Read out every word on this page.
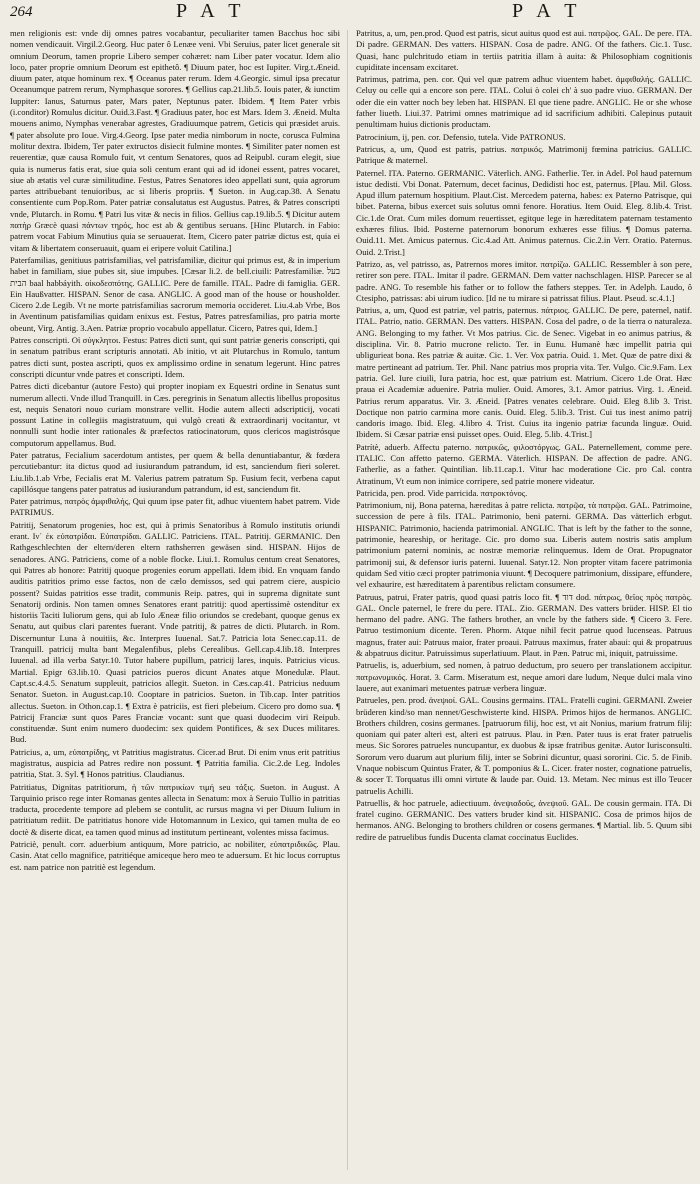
264	P A T	P A T

men religionis est: vnde dij omnes patres vocabantur, peculiariter tamen Bacchus hoc sibi nomen vendicauit. Virgil.2.Georg. Huc pater ô Lenæe veni. Vbi Seruius, pater licet generale sit omnium Deorum, tamen proprie Libero semper cohæret: nam Liber pater vocatur. Idem alio loco, pater proprie omnium Deorum est epithetô. ¶ Diuum pater, hoc est Iupiter. Virg.t.Æneid. diuum pater, atque hominum rex. ¶ Oceanus pater rerum. Idem 4.Georgic. simul ipsa precatur Oceanumque patrem rerum, Nymphasque sorores. ¶ Gellius cap.21.lib.5. Iouis pater, & iunctim Iuppiter: Ianus, Saturnus pater, Mars pater, Neptunus pater. Ibidem. ¶ Item Pater vrbis (i.conditor) Romulus dicitur. Ouid.3.Fast. ¶ Gradiuus pater, hoc est Mars. Idem 3. Æneid. Multa mouens animo, Nymphas venerabar agrestes, Gradiuumque patrem, Geticis qui præsidet aruis. ¶ pater absolute pro Ioue. Virg.4.Georg. Ipse pater media nimborum in nocte, corusca Fulmina molitur dextra. Ibidem, Ter pater extructos disiecit fulmine montes. ¶ Similiter pater nomen est reuerentiæ, quæ causa Romulo fuit, vt centum Senatores, quos ad Reipubl. curam elegit, siue quia is numerus fatis erat, siue quia soli centum erant qui ad id idonei essent, patres vocaret, siue ab ætatis vel curæ similitudine. Festus, Patres Senatores ideo appellati sunt, quia agrorum partes attribuebant tenuioribus, ac si liberis propriis. ¶ Sueton. in Aug.cap.38. A Senatu consentiente cum Pop.Rom. Pater patriæ consalutatus est Augustus. Patres, & Patres conscripti vnde, Plutarch. in Romu. ¶ Patri Ius vitæ & necis in filios. Gellius cap.19.lib.5. ¶ Dicitur autem πατὴρ Græcè quasi πάντων τηρός, hoc est ab & gentibus seruans. [Hinc Plutarch. in Fabio: patrem vocat Fabium Minutius quia se seruauerat. Item, Cicero pater patriæ dictus est, quia ei vitam & libertatem conseruauit, quam ei eripere voluit Catilina.]

Paterfamilias, genitiuus patrisfamilias, vel patrisfamiliæ, dicitur qui primus est, & in imperium habet in familiam, siue pubes sit, siue impubes. [Cæsar li.2. de bell.ciuili: Patresfamiliæ. בעל הבית baal habbáyith. οἰκοδεσπότης. GALLIC. Pere de famille. ITAL. Padre di famiglia. GER. Ein Haußvatter. HISPAN. Senor de casa. ANGLIC. A good man of the house or housholder. Cicero 2.de Legib. Vt ne morte patrisfamilias sacrorum memoria occideret. Liu.4.ab Vrbe, Bos in Aventinum patisfamilias quidam enixus est. Festus, Patres patresfamilias, pro patria morte obeunt, Virg. Antig. 3.Aen. Patriæ proprio vocabulo appellatur. Cicero, Patres qui, Idem.]

Patres conscripti. Οἱ σύγκλητοι. Festus: Patres dicti sunt, qui sunt patriæ generis conscripti, qui in senatum patribus erant scripturis annotati. Ab initio, vt ait Plutarchus in Romulo, tantum patres dicti sunt, postea ascripti, quos ex amplissimo ordine in senatum legerunt. Hinc patres conscripti dicuntur vnde patres et conscripti. Idem.

Patres dicti dicebantur (autore Festo) qui propter inopiam ex Equestri ordine in Senatus sunt numerum allecti. Vnde illud Tranquill. in Cæs. peregrinis in Senatum allectis libellus propositus est, nequis Senatori nouo curiam monstrare vellit. Hodie autem allecti adscripticij, vocati possunt Latine in collegiis magistratuum, qui vulgò creati & extraordinarij vocitantur, vt nonnulli sunt hodie inter rationales & præfectos ratiocinatorum, quos clericos magistrósque computorum appellamus. Bud.

Pater patratus, Fecialium sacerdotum antistes, per quem & bella denuntiabantur, & fœdera percutiebantur: ita dictus quod ad iusiurandum patrandum, id est, sanciendum fieri soleret. Liu.lib.1.ab Vrbe, Fecialis erat M. Valerius patrem patratum Sp. Fusium fecit, verbena caput capillósque tangens pater patratus ad iusiurandum patrandum, id est, sanciendum fit.

Pater patrimus, πατρὸς ἀμφιθαλής, Qui quum ipse pater fit, adhuc viuentem habet patrem. Vide PATRIMUS.

Patritij, Senatorum progenies, hoc est, qui à primis Senatoribus à Romulo institutis oriundi erant. Ιν΄ έκ εὐπατρίδαι. Εὐπατρίδαι. GALLIC. Patriciens. ITAL. Patritij. GERMANIC. Den Rathgeschlechten der eltern/deren eltern rathsherren gewäsen sind. HISPAN. Hijos de senadores. ANG. Patriciens, come of a noble flocke. Liui.1. Romulus centum creat Senatores, qui Patres ab honore: Patritij quoque progenies eorum appellati. Idem ibid. En vnquam fando auditis patritios primo esse factos, non de cælo demissos, sed qui patrem ciere, auspicio possent? Suidas patritios esse tradit, communis Reip. patres, qui in suprema dignitate sunt Senatorij ordinis. Non tamen omnes Senatores erant patritij: quod apertissimè ostenditur ex historiis Taciti Iuliorum gens, qui ab Iulo Æneæ filio oriundos se credebant, quoque genus ex Senatu, aut quibus clari parentes fuerant. Vnde patritij, & patres de dicti. Plutarch. in Rom. Discernuntur Luna à nouitiis, &c. Interpres Iuuenal. Sat.7. Patricia lota Senec.cap.11. de Tranquill. patricij multa bant Megalenfibus, plebs Cerealibus. Gell.cap.4.lib.18. Interpres Iuuenal. ad illa verba Satyr.10. Tutor habere pupillum, patricij lares, inquis. Patricius vicus. Martial. Epigr 63.lib.10. Quasi patricios pueros dicunt Anates atque Monedulæ. Plaut. Capt.sc.4.4.5. Senatum suppleuit, patricios allegit. Sueton. in Cæs.cap.41. Patricius neduum Senator. Sueton. in August.cap.10. Cooptare in patricios. Sueton. in Tib.cap. Inter patritios allectus. Sueton. in Othon.cap.1. ¶ Extra è patriciis, est fieri plebeium. Cicero pro domo sua. ¶ Patricij Franciæ sunt quos Pares Franciæ vocant: sunt que quasi duodecim viri Reipub. constituendæ. Sunt enim numero duodecim: sex quidem Pontifices, & sex Duces militares. Bud.

Patricius, a, um, εὐπατρίδης, vt Patritius magistratus. Cicer.ad Brut. Di enim vnus erit patritius magistratus, auspicia ad Patres redire non possunt. ¶ Patritia familia. Cic.2.de Leg. Indoles patritia, Stat. 3. Syl. ¶ Honos patritius. Claudianus.

Patritiatus, Dignitas patritiorum, ἡ τῶν πατρικίων τιμή seu τάξις. Sueton. in August. A Tarquinio prisco rege inter Romanas gentes allecta in Senatum: mox à Seruio Tullio in patritias traducta, procedente tempore ad plebem se contulit, ac rursus magna vi per Diuum Iulium in patritiatum rediit. De patritiatus honore vide Hotomannum in Lexico, qui tamen multa de eo doctè & diserte dicat, ea tamen quod minus ad institutum pertineant, volentes missa facimus.

Patriciè, penult. corr. aduerbium antiquum, More patricio, ac nobiliter, εὐπατριδικῶς. Plau. Casin. Atat cello magnifice, patritiéque amiceque hero meo te aduersum. Et hic locus corruptus est. nam patrice non patritiè est legendum.

Patritus, a, um, pen.prod. Quod est patris, sicut auitus quod est aui. πατρῷος. GAL. De pere. ITA. Di padre. GERMAN. Des vatters. HISPAN. Cosa de padre. ANG. Of the fathers. Cic.1. Tusc. Quasi, hanc pulchritudo etiam in tertiis patritia illam à auita: & Philosophiam cognitionis cupiditate incensam excitaret.

Patrimus, patrima, pen. cor. Qui vel quæ patrem adhuc viuentem habet. ἀμφιθαλής. GALLIC. Celuy ou celle qui a encore son pere. ITAL. Colui ò colei ch' à suo padre viuo. GERMAN. Der oder die ein vatter noch bey leben hat. HISPAN. El que tiene padre. ANGLIC. He or she whose father liueth. Liui.37. Patrimi omnes matrimique ad id sacrificium adhibiti. Calepinus putauit penultimam huius dictionis productam.

Patrocinium, ij, pen. cor. Defensio, tutela. Vide PATRONUS.

Patricus, a, um, Quod est patris, patrius. πατρικός. Matrimonij fœmina patricius. GALLIC. Patrique & maternel.

Paternel. ITA. Paterno. GERMANIC. Väterlich. ANG. Fatherlie. Ter. in Adel. Pol haud paternum istuc dedisti. Vbi Donat. Paternum, decet facinus, Dedidisti hoc est, paternus. [Plau. Mil. Gloss. Apud illum paternum hospitium. Plaut.Cist. Mercedem paterna, habes: ex Paterno Patrisque, qui bibet. Paterna, bibus exercet suis solutus omni fenore. Horatius. Item Ouid. Eleg. 8.lib.4. Trist. Cic.1.de Orat. Cum miles domum reuertisset, egitque lege in hæreditatem paternam testamento exhæres filius. Ibid. Posterne paternorum bonorum exhæres esse filius. ¶ Domus paterna. Ouid.11. Met. Amicus paternus. Cic.4.ad Att. Animus paternus. Cic.2.in Verr. Oratio. Paternus. Ouid. 2.Trist.]

Patrizo, as, vel patrisso, as, Patrernos mores imitor. πατρίζω. GALLIC. Ressembler à son pere, retirer son pere. ITAL. Imitar il padre. GERMAN. Dem vatter nachschlagen. HISP. Parecer se al padre. ANG. To resemble his father or to follow the fathers steppes. Ter. in Adelph. Laudo, ô Ctesipho, patrissas: abi uirum iudico. [Id ne tu mirare si patrissat filius. Plaut. Pseud. sc.4.1.]

Patrius, a, um, Quod est patriæ, vel patris, paternus. πάτριος. GALLIC. De pere, paternel, natif. ITAL. Patrio, natio. GERMAN. Des vatters. HISPAN. Cosa del padre, o de la tierra o naturaleza. ANG. Belonging to my father. Vt Mos patrius. Cic. de Senec. Vigebat in eo animus patrius, & disciplina. Vir. 8. Patrio mucrone relicto. Ter. in Eunu. Humanè hæc impellit patria qui ubligurieat bona. Res patriæ & auitæ. Cic. 1. Ver. Vox patria. Ouid. 1. Met. Quæ de patre dixi & matre pertineant ad patrium. Ter. Phil. Nanc patrius mos propria vita. Ter. Vulgo. Cic.9.Fam. Lex patria. Gel. Iure ciuili, Iura patria, hoc est, quæ patrium est. Matrium. Cicero 1.de Orat. Hæc praua ei Academiæ aduenire. Patria mulier. Ouid. Amores, 3.1. Amor patrius. Virg. 1. Æneid. Patrius rerum apparatus. Vir. 3. Æneid. [Patres venates celebrare. Ouid. Eleg 8.lib 3. Trist. Doctique non patrio carmina more canis. Ouid. Eleg. 5.lib.3. Trist. Cui tus inest animo patrij candoris imago. Ibid. Eleg. 4.libro 4. Trist. Cuius ita ingenio patriæ facunda linguæ. Ouid. Ibidem. Si Cæsar patriæ ensi puisset opes. Ouid. Eleg. 5.lib. 4.Trist.]

Patrítè, aduerb. Affectu paterno. πατρικῶς, φιλοστόργως. GAL. Paternellement, comme pere. ITALIC. Con affetto paterno. GERMA. Väterlich. HISPAN. De affection de padre. ANG. Fatherlie, as a father. Quintilian. lib.11.cap.1. Vitur hac moderatione Cic. pro Cal. contra Atratinum, Vt eum non inimice corripere, sed patrie monere videatur.

Patricida, pen. prod. Vide parricida. πατροκτόνος.

Patrimonium, nij, Bona paterna, hæreditas à patre relicta. πατρῷα, τὰ πατρῷα. GAL. Patrimoine, succession de pere à fils. ITAL. Patrimonio, beni paterni. GERMA. Das vätterlich erbgut. HISPANIC. Patrimonio, hacienda patrimonial. ANGLIC. That is left by the father to the sonne, patrimonie, heareship, or heritage. Cic. pro domo sua. Liberis autem nostris satis amplum patrimonium paterni nominis, ac nostræ memoriæ relinquemus. Idem de Orat. Propugnator patrimonij sui, & defensor iuris paterni. Iuuenal. Satyr.12. Non propter vitam facere patrimonia quidam Sed vitio cæci propter patrimonia viuunt. ¶ Decoquere patrimonium, dissipare, effundere, vel exhaurire, est hæreditatem à parentibus relictam consumere.

Patruus, patrui, Frater patris, quod quasi patris loco fit. ¶ דוד dod. πάτρως, θεῖος πρὸς πατρὸς. GAL. Oncle paternel, le frere du pere. ITAL. Zio. GERMAN. Des vatters brüder. HISP. El tio hermano del padre. ANG. The fathers brother, an vncle by the fathers side. ¶ Cicero 3. Fere. Patruo testimonium dicente. Teren. Phorm. Atque nihil fecit patrue quod lucenseas. Patruus magnus, frater aui: Patruus maior, frater proaui. Patruus maximus, frater abaui: qui & propatruus & abpatruus dicitur. Patruissimus superlatiuum. Plaut. in Pæn. Patruc mi, iniquit, patruissime.

Patruelis, is, aduerbium, sed nomen, à patruo deductum, pro seuero per translationem accipitur. πατρωνυμικός. Horat. 3. Carm. Miseratum est, neque amori dare ludum, Neque dulci mala vino lauere, aut exanimari metuentes patruæ verbera linguæ.

Patrueles, pen. prod. ἀνεψιοί. GAL. Cousins germains. ITAL. Fratelli cugini. GERMANI. Zweier brüderen kind/so man nennet/Geschwisterte kind. HISPA. Primos hijos de hermanos. ANGLIC. Brothers children, cosins germanes. [patruorum filij, hoc est, vt ait Nonius, marium fratrum filij: quoniam qui pater alteri est, alteri est patruus. Plau. in Pæn. Pater tuus is erat frater patruelis meus. Sic Sorores patrueles nuncupantur, ex duobus & ipsæ fratribus genitæ. Autor Iurisconsulti. Sororum vero duarum aut plurium filij, inter se Sobrini dicuntur, quasi sororini. Cic. 5. de Finib. Vnaque nobiscum Quintus Frater, & T. pomponius & L. Cicer. frater noster, cognatione patruelis, & socer T. Torquatus illi omni virtute & laude par. Ouid. 13. Metam. Nec minus est illo Teucer patruelis Achilli.

Patruellis, & hoc patruele, adiectiuum. ἀνεψιαδοῦς, ἀνεψιοῦ. GAL. De cousin germain. ITA. Di fratel cugino. GERMANIC. Des vatters bruder kind sit. HISPANIC. Cosa de primos hijos de hermanos. ANG. Belonging to brothers children or cosens germanes. ¶ Martial. lib. 5. Quum sibi redire de patruelibus fundis Ducenta clamat coccinatus Euclides.
